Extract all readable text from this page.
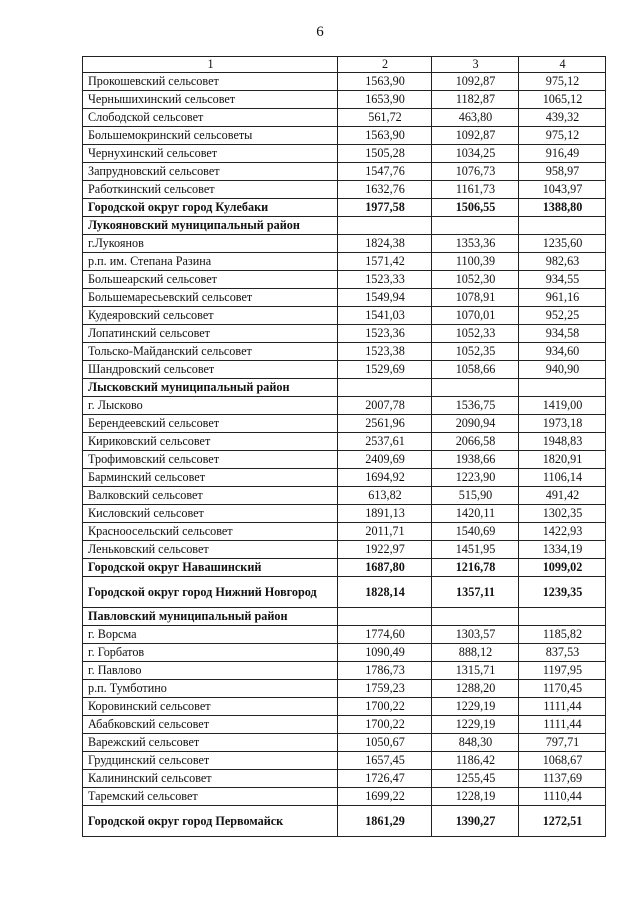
6
1	2	3	4
Прокошевский сельсовет	1563,90	1092,87	975,12
Чернышихинский сельсовет	1653,90	1182,87	1065,12
Слободской сельсовет	561,72	463,80	439,32
Большемокринский сельсоветы	1563,90	1092,87	975,12
Чернухинский сельсовет	1505,28	1034,25	916,49
Запрудновский сельсовет	1547,76	1076,73	958,97
Работкинский сельсовет	1632,76	1161,73	1043,97
Городской округ город Кулебаки	1977,58	1506,55	1388,80
Лукояновский муниципальный район			
г.Лукоянов	1824,38	1353,36	1235,60
р.п. им. Степана Разина	1571,42	1100,39	982,63
Большеарский сельсовет	1523,33	1052,30	934,55
Большемаресьевский сельсовет	1549,94	1078,91	961,16
Кудеяровский сельсовет	1541,03	1070,01	952,25
Лопатинский сельсовет	1523,36	1052,33	934,58
Тольско-Майданский сельсовет	1523,38	1052,35	934,60
Шандровский сельсовет	1529,69	1058,66	940,90
Лысковский муниципальный район			
г. Лысково	2007,78	1536,75	1419,00
Берендеевский сельсовет	2561,96	2090,94	1973,18
Кириковский сельсовет	2537,61	2066,58	1948,83
Трофимовский сельсовет	2409,69	1938,66	1820,91
Барминский сельсовет	1694,92	1223,90	1106,14
Валковский сельсовет	613,82	515,90	491,42
Кисловский сельсовет	1891,13	1420,11	1302,35
Красноосельский сельсовет	2011,71	1540,69	1422,93
Леньковский сельсовет	1922,97	1451,95	1334,19
Городской округ Навашинский	1687,80	1216,78	1099,02
Городской округ город Нижний Новгород	1828,14	1357,11	1239,35
Павловский муниципальный район			
г. Ворсма	1774,60	1303,57	1185,82
г. Горбатов	1090,49	888,12	837,53
г. Павлово	1786,73	1315,71	1197,95
р.п. Тумботино	1759,23	1288,20	1170,45
Коровинский сельсовет	1700,22	1229,19	1111,44
Абабковский сельсовет	1700,22	1229,19	1111,44
Варежский сельсовет	1050,67	848,30	797,71
Грудцинский сельсовет	1657,45	1186,42	1068,67
Калининский сельсовет	1726,47	1255,45	1137,69
Таремский сельсовет	1699,22	1228,19	1110,44
Городской округ город Первомайск	1861,29	1390,27	1272,51
